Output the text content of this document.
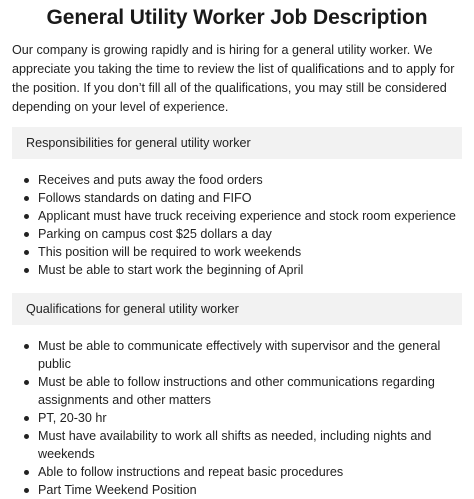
General Utility Worker Job Description

Our company is growing rapidly and is hiring for a general utility worker. We appreciate you taking the time to review the list of qualifications and to apply for the position. If you don’t fill all of the qualifications, you may still be considered depending on your level of experience.

Responsibilities for general utility worker
Receives and puts away the food orders
Follows standards on dating and FIFO
Applicant must have truck receiving experience and stock room experience
Parking on campus cost $25 dollars a day
This position will be required to work weekends
Must be able to start work the beginning of April
Qualifications for general utility worker
Must be able to communicate effectively with supervisor and the general public
Must be able to follow instructions and other communications regarding assignments and other matters
PT, 20-30 hr
Must have availability to work all shifts as needed, including nights and weekends
Able to follow instructions and repeat basic procedures
Part Time Weekend Position
